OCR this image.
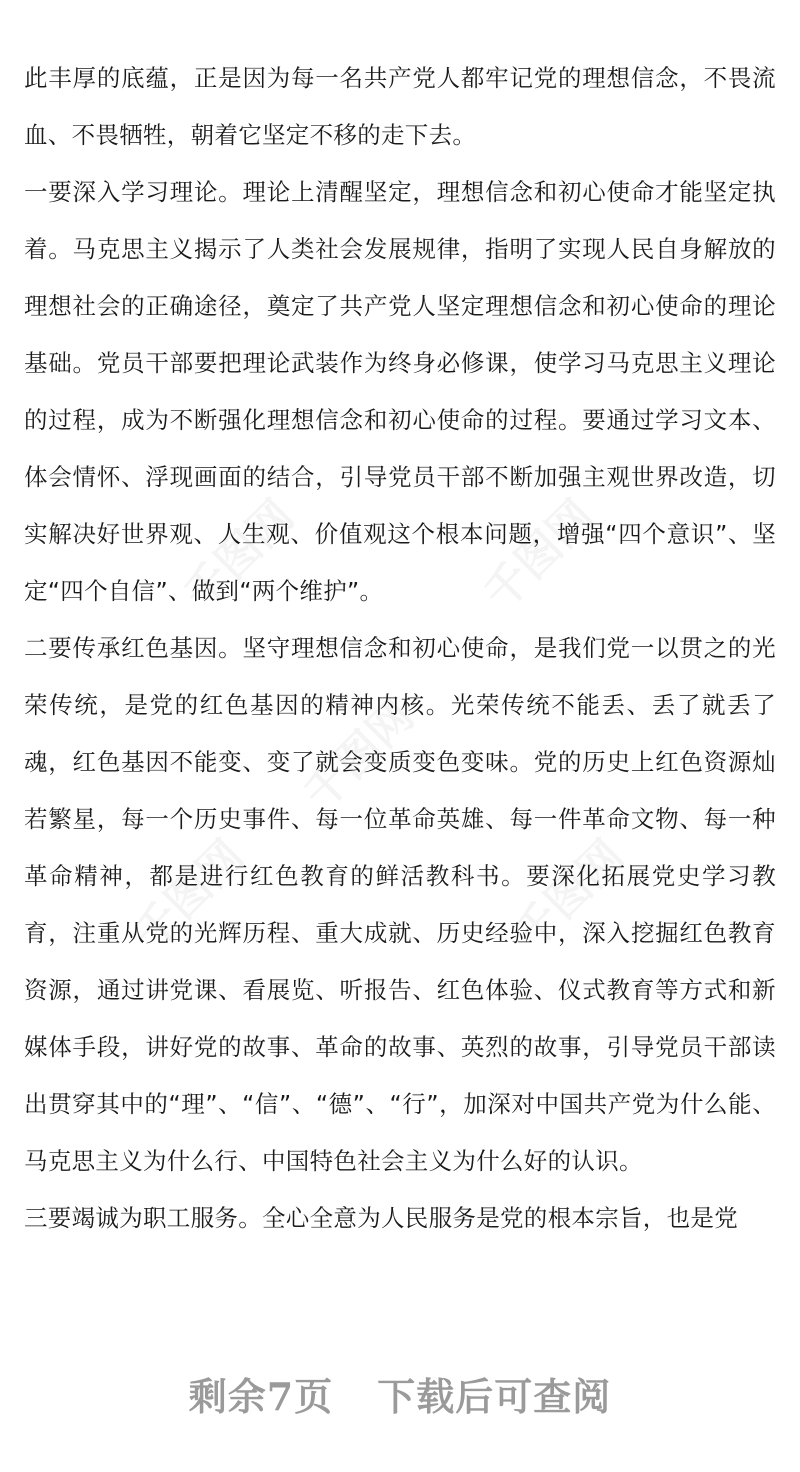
此丰厚的底蕴，正是因为每一名共产党人都牢记党的理想信念，不畏流血、不畏牺牲，朝着它坚定不移的走下去。

一要深入学习理论。理论上清醒坚定，理想信念和初心使命才能坚定执着。马克思主义揭示了人类社会发展规律，指明了实现人民自身解放的理想社会的正确途径，奠定了共产党人坚定理想信念和初心使命的理论基础。党员干部要把理论武装作为终身必修课，使学习马克思主义理论的过程，成为不断强化理想信念和初心使命的过程。要通过学习文本、体会情怀、浮现画面的结合，引导党员干部不断加强主观世界改造，切实解决好世界观、人生观、价值观这个根本问题，增强“四个意识”、坚定“四个自信”、做到“两个维护”。

二要传承红色基因。坚守理想信念和初心使命，是我们党一以贯之的光荣传统，是党的红色基因的精神内核。光荣传统不能丢、丢了就丢了魂，红色基因不能变、变了就会变质变色变味。党的历史上红色资源灿若繁星，每一个历史事件、每一位革命英雄、每一件革命文物、每一种革命精神，都是进行红色教育的鲜活教科书。要深化拓展党史学习教育，注重从党的光辉历程、重大成就、历史经验中，深入挖掘红色教育资源，通过讲党课、看展览、听报告、红色体验、仪式教育等方式和新媒体手段，讲好党的故事、革命的故事、英烈的故事，引导党员干部读出贯穿其中的“理”、“信”、“德”、“行”，加深对中国共产党为什么能、马克思主义为什么行、中国特色社会主义为什么好的认识。

三要竭诚为职工服务。全心全意为人民服务是党的根本宗旨，也是党

剩余7页 下载后可查阅
